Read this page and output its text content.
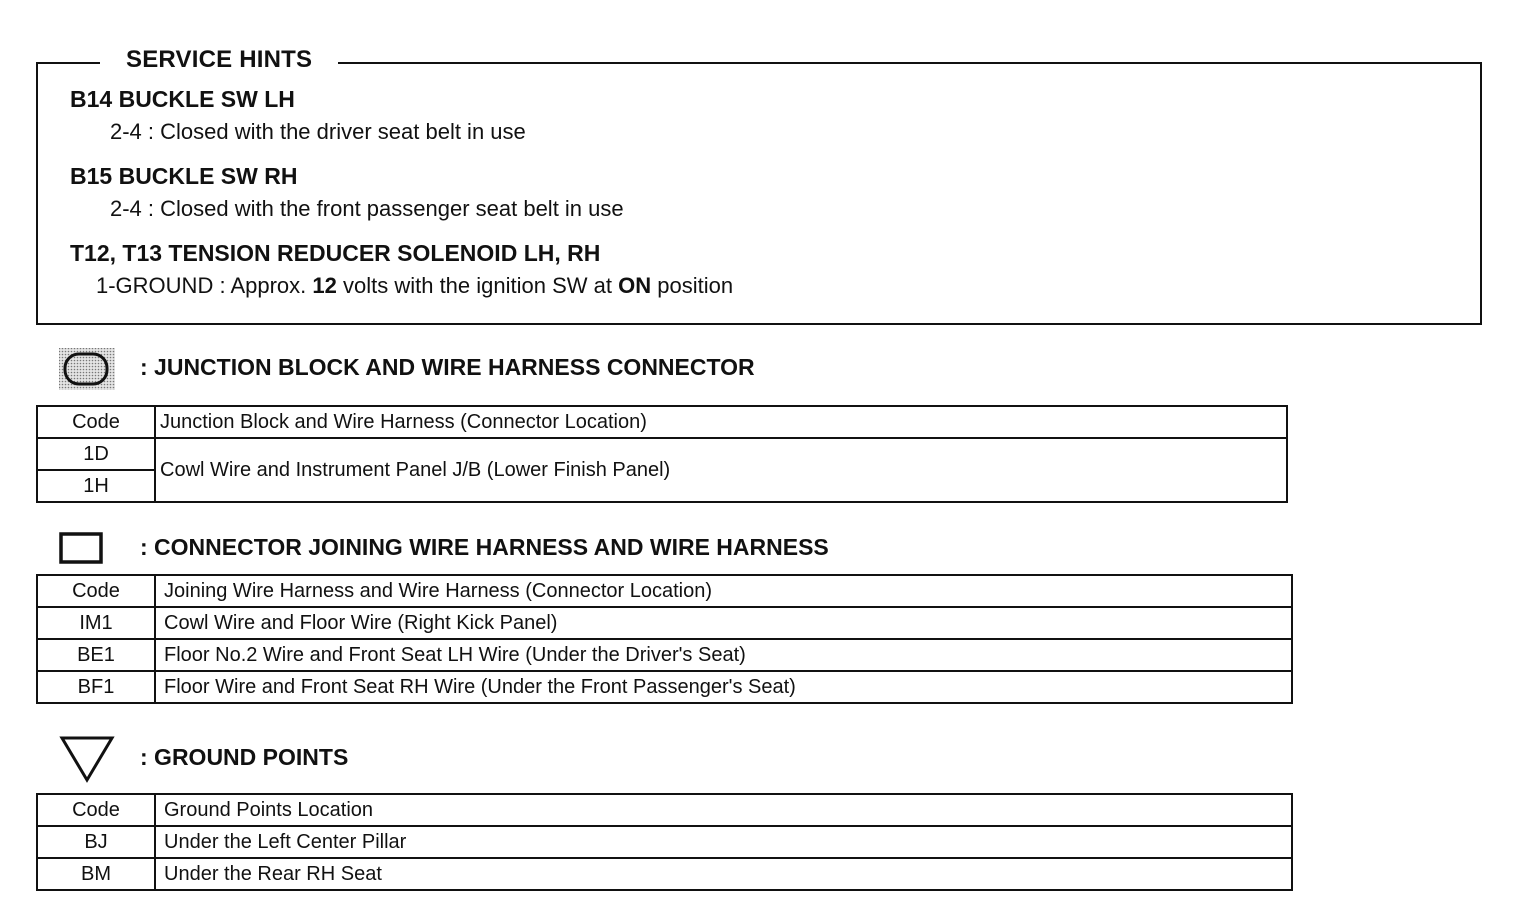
SERVICE HINTS
B14 BUCKLE SW LH
2-4 : Closed with the driver seat belt in use
B15 BUCKLE SW RH
2-4 : Closed with the front passenger seat belt in use
T12, T13 TENSION REDUCER SOLENOID LH, RH
1-GROUND : Approx. 12 volts with the ignition SW at ON position
: JUNCTION BLOCK AND WIRE HARNESS CONNECTOR
Code	Junction Block and Wire Harness (Connector Location)
1D	Cowl Wire and Instrument Panel J/B (Lower Finish Panel)
1H	
: CONNECTOR JOINING WIRE HARNESS AND WIRE HARNESS
Code	Joining Wire Harness and Wire Harness (Connector Location)
IM1	Cowl Wire and Floor Wire (Right Kick Panel)
BE1	Floor No.2 Wire and Front Seat LH Wire (Under the Driver's Seat)
BF1	Floor Wire and Front Seat RH Wire (Under the Front Passenger's Seat)
: GROUND POINTS
Code	Ground Points Location
BJ	Under the Left Center Pillar
BM	Under the Rear RH Seat
